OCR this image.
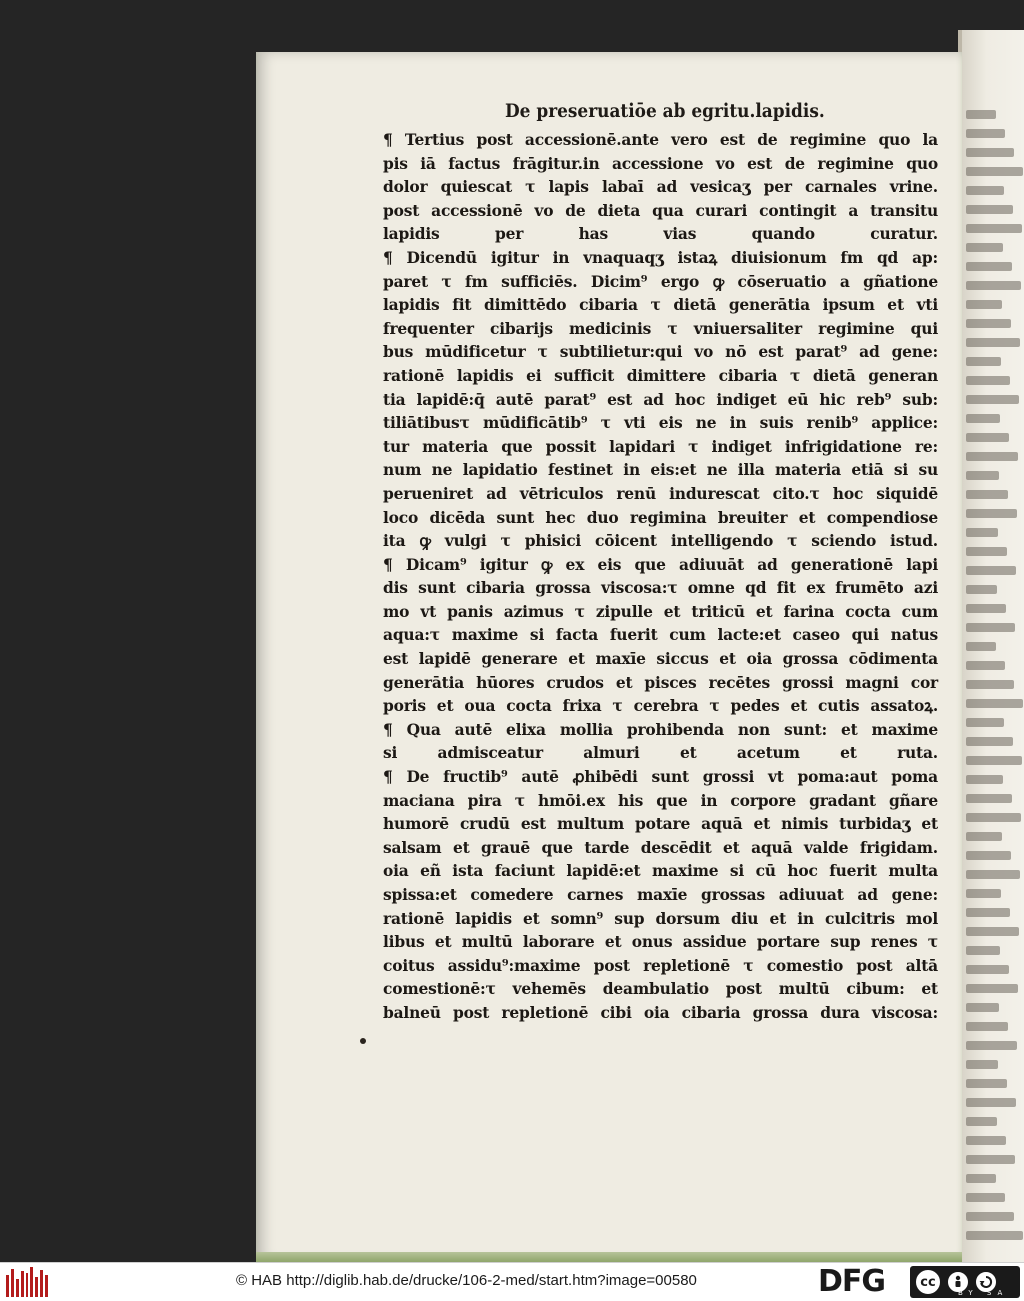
De preseruatiōe ab egritu.lapidis.
¶ Tertius post accessionē.ante vero est de regimine quo la
pis iā factus frāgitur.in accessione vo est de regimine quo
dolor quiescat τ lapis labaī ad vesicaʒ per carnales vrine.
post accessionē vo de dieta qua curari contingit a transitu
lapidis per has vias quando curatur.
¶ Dicendū igitur in vnaquaqʒ istaꝝ diuisionum fm qd ap:
paret τ fm sufficiēs. Dicim⁹ ergo ꝙ cōseruatio a gñatione
lapidis fit dimittēdo cibaria τ dietā generātia ipsum et vti
frequenter cibarijs medicinis τ vniuersaliter regimine qui
bus mūdificetur τ subtilietur:qui vo nō est parat⁹ ad gene:
rationē lapidis ei sufficit dimittere cibaria τ dietā generan
tia lapidē:q̄ autē parat⁹ est ad hoc indiget eū hic reb⁹ sub:
tiliātibusτ mūdificātib⁹ τ vti eis ne in suis renib⁹ applice:
tur materia que possit lapidari τ indiget infrigidatione re:
num ne lapidatio festinet in eis:et ne illa materia etiā si su
perueniret ad vētriculos renū indurescat cito.τ hoc siquidē
loco dicēda sunt hec duo regimina breuiter et compendiose
ita ꝙ vulgi τ phisici cōicent intelligendo τ sciendo istud.
¶ Dicam⁹ igitur ꝙ ex eis que adiuuāt ad generationē lapi
dis sunt cibaria grossa viscosa:τ omne qd fit ex frumēto azi
mo vt panis azimus τ zipulle et triticū et farina cocta cum
aqua:τ maxime si facta fuerit cum lacte:et caseo qui natus
est lapidē generare et maxīe siccus et oia grossa cōdimenta
generātia hūores crudos et pisces recētes grossi magni cor
poris et oua cocta frixa τ cerebra τ pedes et cutis assatoꝝ.
¶ Qua autē elixa mollia prohibenda non sunt: et maxime
si admisceatur almuri et acetum et ruta.
¶ De fructib⁹ autē ꝓhibēdi sunt grossi vt poma:aut poma
maciana pira τ hmōi.ex his que in corpore gradant gñare
humorē crudū est multum potare aquā et nimis turbidaʒ et
salsam et grauē que tarde descēdit et aquā valde frigidam.
oia eñ ista faciunt lapidē:et maxime si cū hoc fuerit multa
spissa:et comedere carnes maxīe grossas adiuuat ad gene:
rationē lapidis et somn⁹ sup dorsum diu et in culcitris mol
libus et multū laborare et onus assidue portare sup renes τ
coitus assidu⁹:maxime post repletionē τ comestio post altā
comestionē:τ vehemēs deambulatio post multū cibum: et
balneū post repletionē cibi oia cibaria grossa dura viscosa:
© HAB http://diglib.hab.de/drucke/106-2-med/start.htm?image=00580	DFG	cc
BY SA
